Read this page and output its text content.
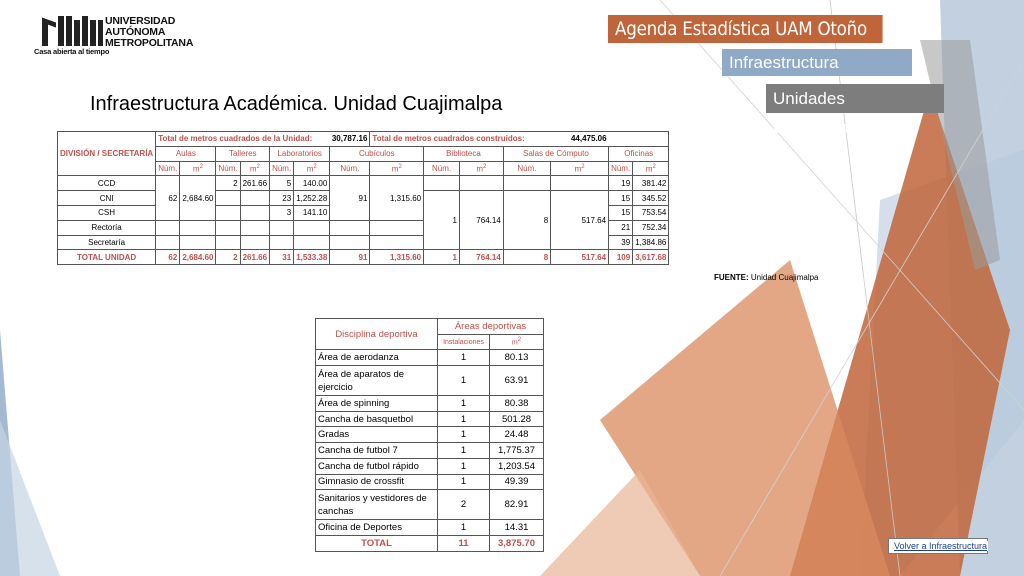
UNIVERSIDAD
AUTÓNOMA
METROPOLITANA
Casa abierta al tiempo
Agenda Estadística UAM Otoño 2017	Infraestructura
Unidades Universitarias
Infraestructura Académica. Unidad Cuajimalpa
DIVISIÓN / SECRETARÍA	Total de metros cuadrados de la Unidad:						30,787.16	Total de metros cuadrados construidos: 44,475.06						
	Aulas		Talleres		Laboratorios		Cubículos		Biblioteca		Salas de Cómputo		Oficinas	
	Núm.	$m^2$	Núm.	$m^2$	Núm.	$m^2$	Núm.	$m^2$	Núm.	$m^2$	Núm.	$m^2$	Núm.	$m^2$
CCD	62	2,684.60	2	261.66	5	140.00	91	1,315.60					19	381.42
CNI					23	1,252.28			1	764.14	8	517.64	15	345.52
CSH					3	141.10							15	753.54
Rectoría													21	752.34
Secretaría													39	1,384.86
TOTAL UNIDAD	62	2,684.60	2	261.66	31	1,533.38	91	1,315.60	1	764.14	8	517.64	109	3,617.68
FUENTE: Unidad Cuajimalpa
Disciplina deportiva	Áreas deportivas	
	Instalaciones	$m^2$
Área de aerodanza	1	80.13
Área de aparatos de ejercicio	1	63.91
Área de spinning	1	80.38
Cancha de basquetbol	1	501.28
Gradas	1	24.48
Cancha de futbol 7	1	1,775.37
Cancha de futbol rápido	1	1,203.54
Gimnasio de crossfit	1	49.39
Sanitarios y vestidores de canchas	2	82.91
Oficina de Deportes	1	14.31
TOTAL	11	3,875.70	Volver a Infraestructura
